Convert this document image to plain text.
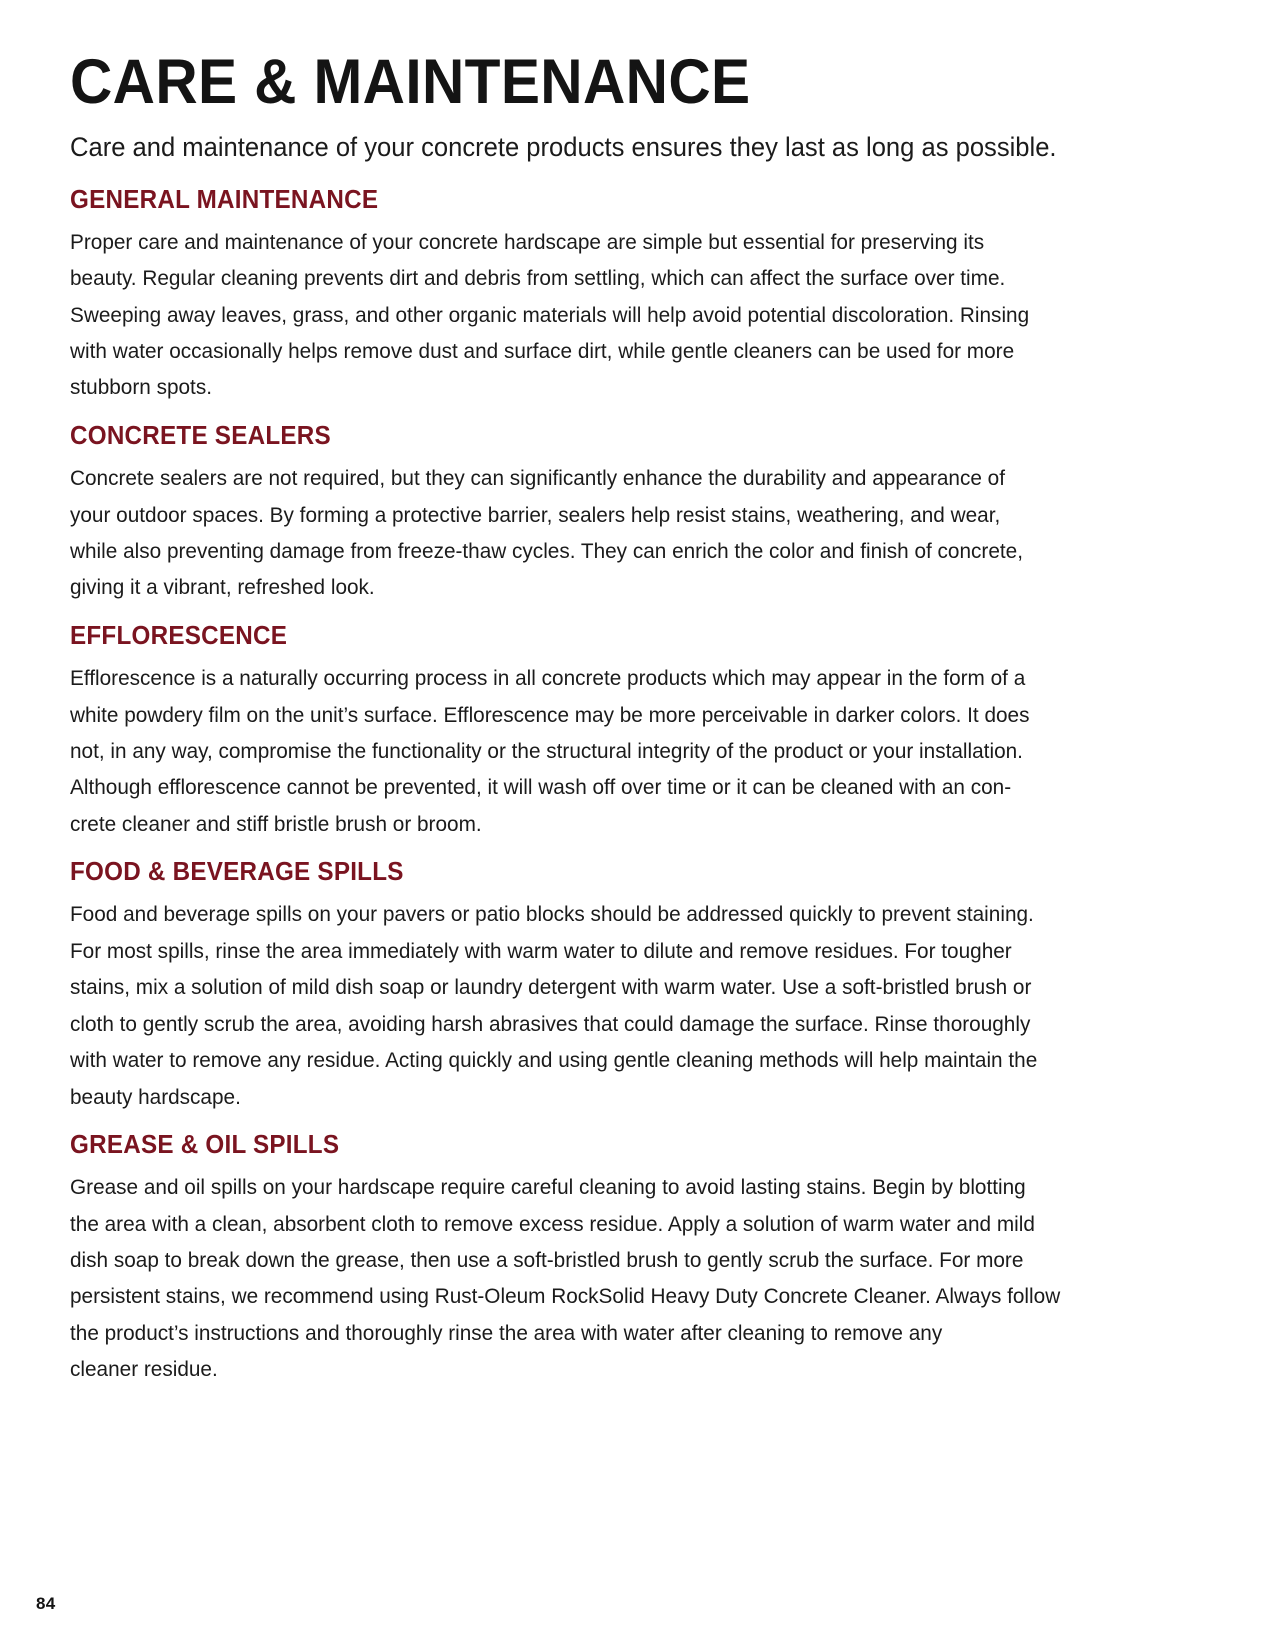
CARE & MAINTENANCE

Care and maintenance of your concrete products ensures they last as long as possible.

GENERAL MAINTENANCE
Proper care and maintenance of your concrete hardscape are simple but essential for preserving its
beauty. Regular cleaning prevents dirt and debris from settling, which can affect the surface over time.
Sweeping away leaves, grass, and other organic materials will help avoid potential discoloration. Rinsing
with water occasionally helps remove dust and surface dirt, while gentle cleaners can be used for more
stubborn spots.
CONCRETE SEALERS
Concrete sealers are not required, but they can significantly enhance the durability and appearance of
your outdoor spaces. By forming a protective barrier, sealers help resist stains, weathering, and wear,
while also preventing damage from freeze-thaw cycles. They can enrich the color and finish of concrete,
giving it a vibrant, refreshed look.
EFFLORESCENCE
Efflorescence is a naturally occurring process in all concrete products which may appear in the form of a
white powdery film on the unit’s surface. Efflorescence may be more perceivable in darker colors. It does
not, in any way, compromise the functionality or the structural integrity of the product or your installation.
Although efflorescence cannot be prevented, it will wash off over time or it can be cleaned with an con-
crete cleaner and stiff bristle brush or broom.
FOOD & BEVERAGE SPILLS
Food and beverage spills on your pavers or patio blocks should be addressed quickly to prevent staining.
For most spills, rinse the area immediately with warm water to dilute and remove residues. For tougher
stains, mix a solution of mild dish soap or laundry detergent with warm water. Use a soft-bristled brush or
cloth to gently scrub the area, avoiding harsh abrasives that could damage the surface. Rinse thoroughly
with water to remove any residue. Acting quickly and using gentle cleaning methods will help maintain the
beauty hardscape.
GREASE & OIL SPILLS
Grease and oil spills on your hardscape require careful cleaning to avoid lasting stains. Begin by blotting
the area with a clean, absorbent cloth to remove excess residue. Apply a solution of warm water and mild
dish soap to break down the grease, then use a soft-bristled brush to gently scrub the surface. For more
persistent stains, we recommend using Rust-Oleum RockSolid Heavy Duty Concrete Cleaner. Always follow
the product’s instructions and thoroughly rinse the area with water after cleaning to remove any
cleaner residue.
84
